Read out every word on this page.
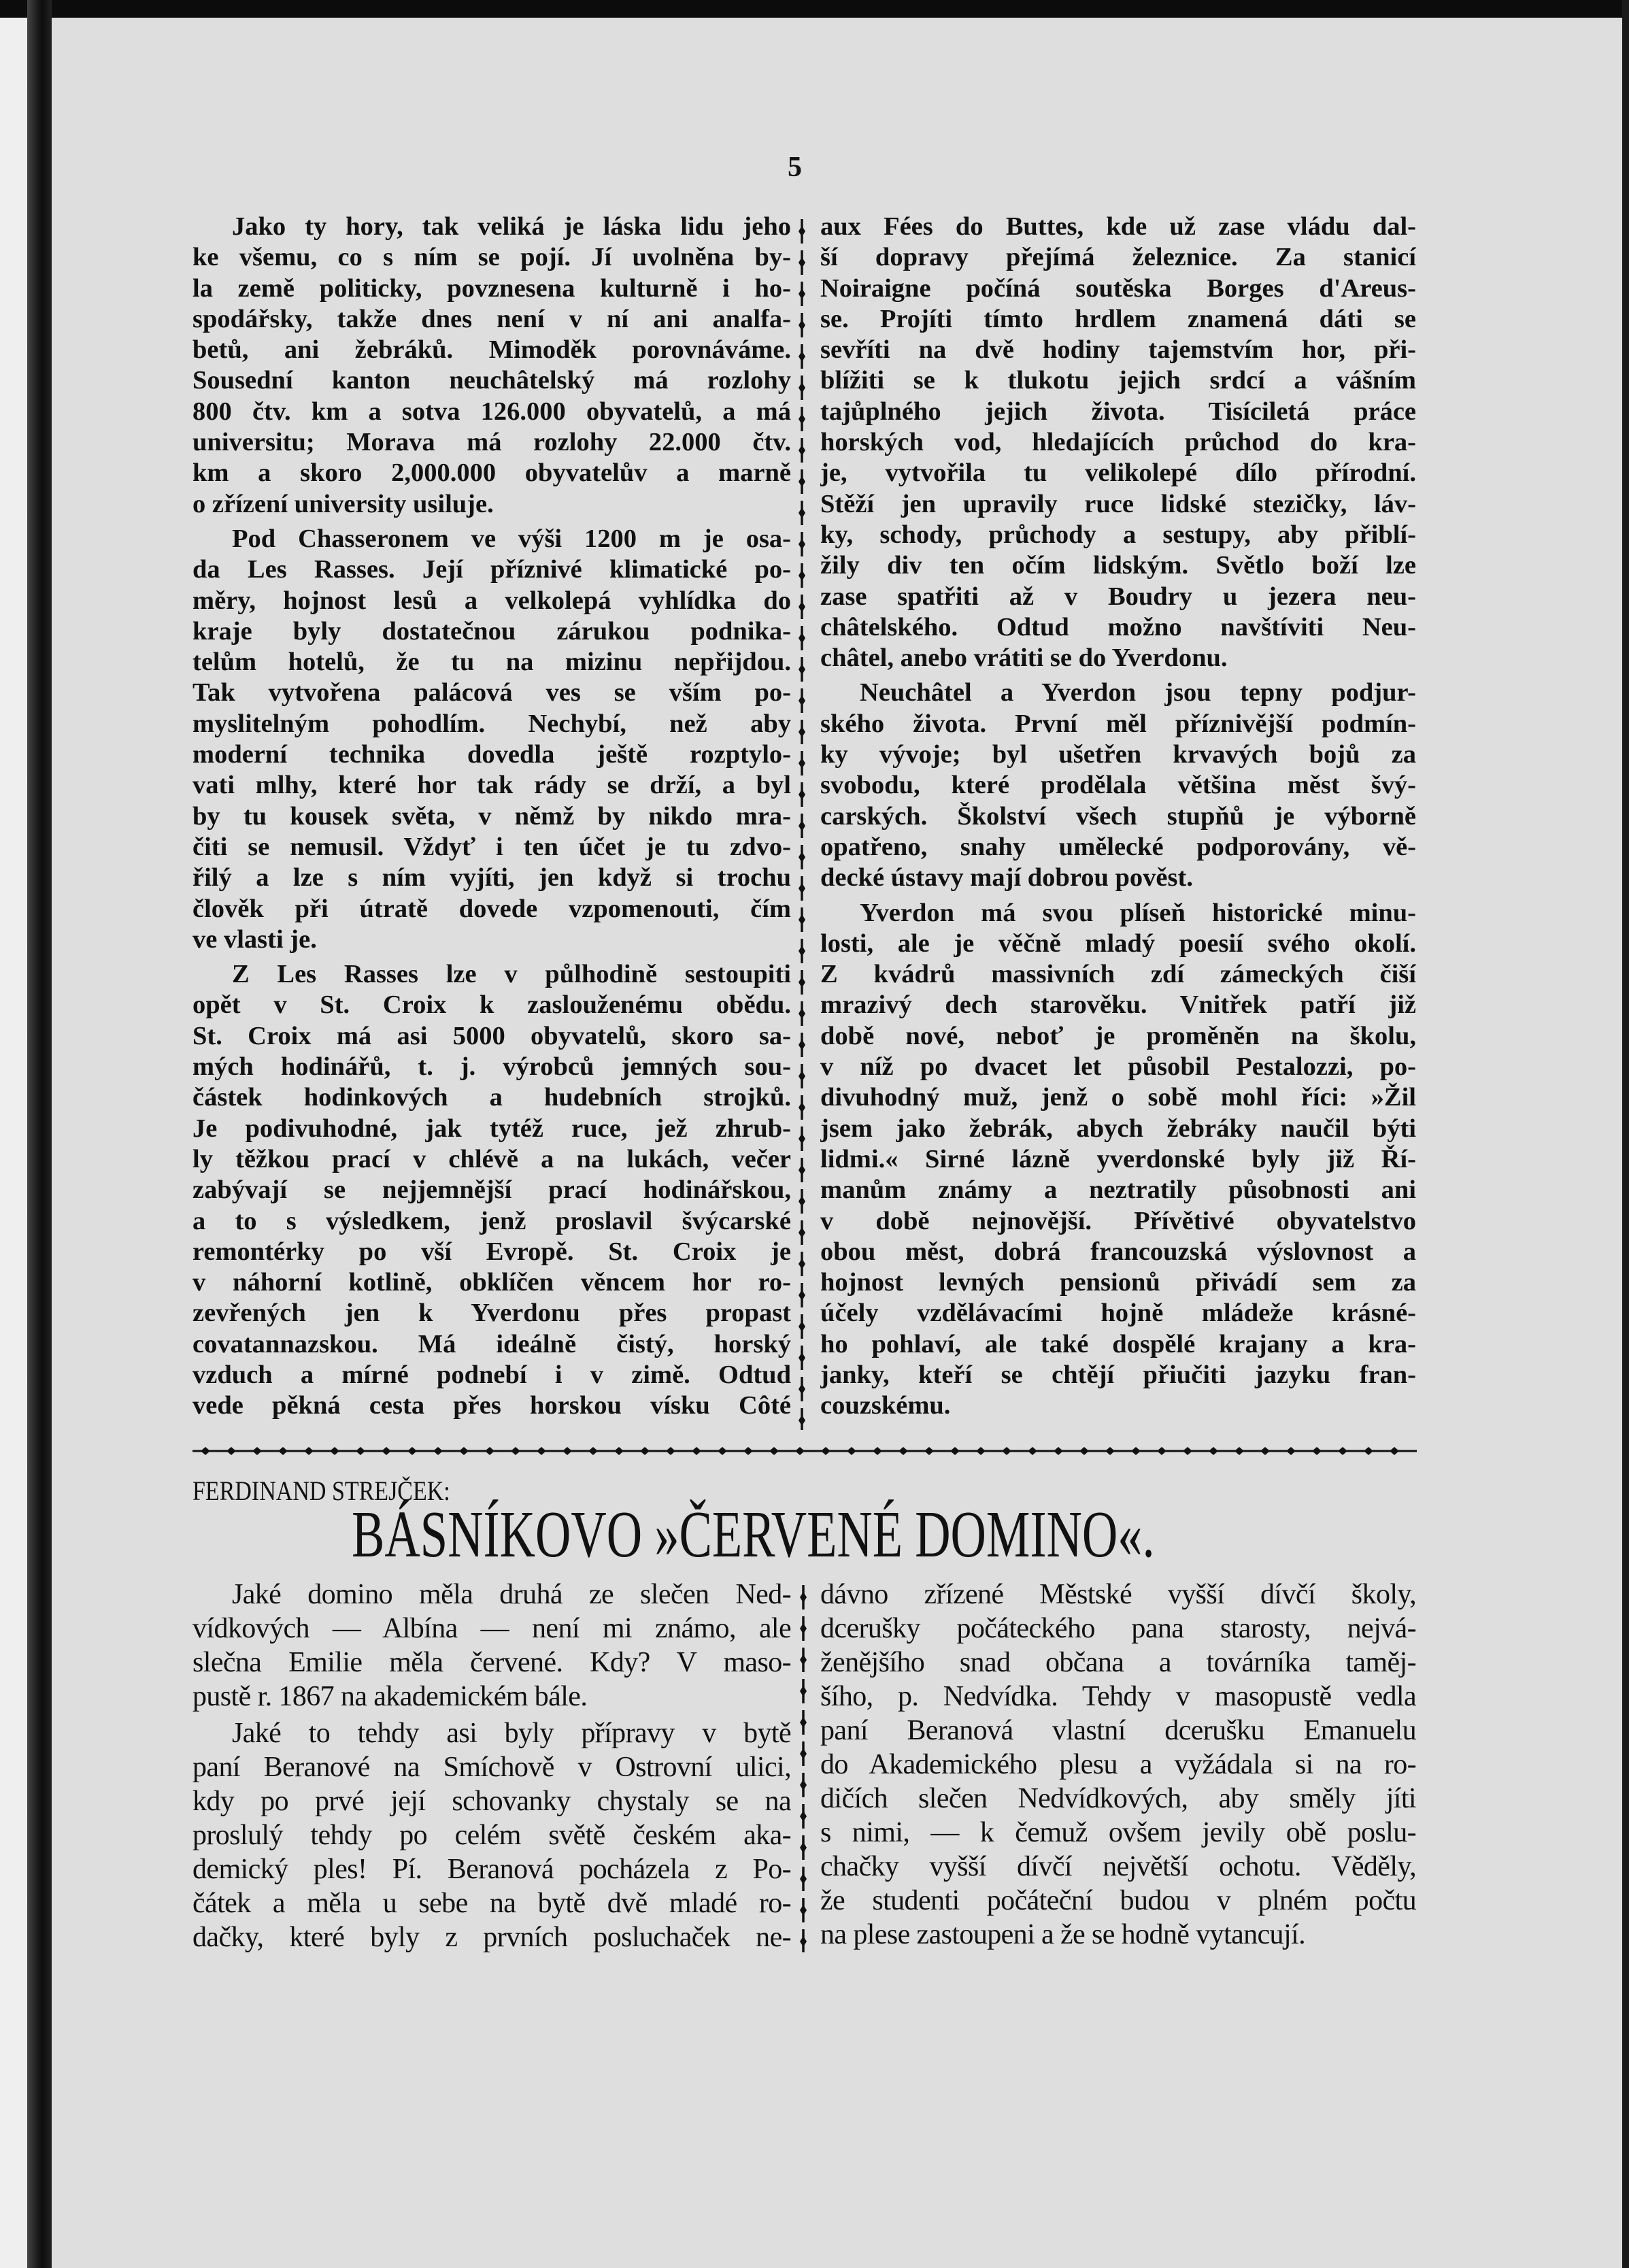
5
Jako ty hory, tak veliká je láska lidu jeho
ke všemu, co s ním se pojí. Jí uvolněna by-
la země politicky, povznesena kulturně i ho-
spodářsky, takže dnes není v ní ani analfa-
betů, ani žebráků. Mimoděk porovnáváme.
Sousední kanton neuchâtelský má rozlohy
800 čtv. km a sotva 126.000 obyvatelů, a má
universitu; Morava má rozlohy 22.000 čtv.
km a skoro 2,000.000 obyvatelův a marně
o zřízení university usiluje.
Pod Chasseronem ve výši 1200 m je osa-
da Les Rasses. Její příznivé klimatické po-
měry, hojnost lesů a velkolepá vyhlídka do
kraje byly dostatečnou zárukou podnika-
telům hotelů, že tu na mizinu nepřijdou.
Tak vytvořena palácová ves se vším po-
myslitelným pohodlím. Nechybí, než aby
moderní technika dovedla ještě rozptylo-
vati mlhy, které hor tak rády se drží, a byl
by tu kousek světa, v němž by nikdo mra-
čiti se nemusil. Vždyť i ten účet je tu zdvo-
řilý a lze s ním vyjíti, jen když si trochu
člověk při útratě dovede vzpomenouti, čím
ve vlasti je.
Z Les Rasses lze v půlhodině sestoupiti
opět v St. Croix k zaslouženému obědu.
St. Croix má asi 5000 obyvatelů, skoro sa-
mých hodinářů, t. j. výrobců jemných sou-
částek hodinkových a hudebních strojků.
Je podivuhodné, jak tytéž ruce, jež zhrub-
ly těžkou prací v chlévě a na lukách, večer
zabývají se nejjemnější prací hodinářskou,
a to s výsledkem, jenž proslavil švýcarské
remontérky po vší Evropě. St. Croix je
v náhorní kotlině, obklíčen věncem hor ro-
zevřených jen k Yverdonu přes propast
covatannazskou. Má ideálně čistý, horský
vzduch a mírné podnebí i v zimě. Odtud
vede pěkná cesta přes horskou vísku Côté
aux Fées do Buttes, kde už zase vládu dal-
ší dopravy přejímá železnice. Za stanicí
Noiraigne počíná soutěska Borges d'Areus-
se. Projíti tímto hrdlem znamená dáti se
sevříti na dvě hodiny tajemstvím hor, při-
blížiti se k tlukotu jejich srdcí a vášním
tajůplného jejich života. Tisíciletá práce
horských vod, hledajících průchod do kra-
je, vytvořila tu velikolepé dílo přírodní.
Stěží jen upravily ruce lidské stezičky, láv-
ky, schody, průchody a sestupy, aby přiblí-
žily div ten očím lidským. Světlo boží lze
zase spatřiti až v Boudry u jezera neu-
châtelského. Odtud možno navštíviti Neu-
châtel, anebo vrátiti se do Yverdonu.
Neuchâtel a Yverdon jsou tepny podjur-
ského života. První měl příznivější podmín-
ky vývoje; byl ušetřen krvavých bojů za
svobodu, které prodělala většina měst švý-
carských. Školství všech stupňů je výborně
opatřeno, snahy umělecké podporovány, vě-
decké ústavy mají dobrou pověst.
Yverdon má svou plíseň historické minu-
losti, ale je věčně mladý poesií svého okolí.
Z kvádrů massivních zdí zámeckých čiší
mrazivý dech starověku. Vnitřek patří již
době nové, neboť je proměněn na školu,
v níž po dvacet let působil Pestalozzi, po-
divuhodný muž, jenž o sobě mohl říci: »Žil
jsem jako žebrák, abych žebráky naučil býti
lidmi.« Sirné lázně yverdonské byly již Ří-
manům známy a neztratily působnosti ani
v době nejnovější. Přívětivé obyvatelstvo
obou měst, dobrá francouzská výslovnost a
hojnost levných pensionů přivádí sem za
účely vzdělávacími hojně mládeže krásné-
ho pohlaví, ale také dospělé krajany a kra-
janky, kteří se chtějí přiučiti jazyku fran-
couzskému.
FERDINAND STREJČEK:
BÁSNÍKOVO »ČERVENÉ DOMINO«.
Jaké domino měla druhá ze slečen Ned-
vídkových — Albína — není mi známo, ale
slečna Emilie měla červené. Kdy? V maso-
pustě r. 1867 na akademickém bále.
Jaké to tehdy asi byly přípravy v bytě
paní Beranové na Smíchově v Ostrovní ulici,
kdy po prvé její schovanky chystaly se na
proslulý tehdy po celém světě českém aka-
demický ples! Pí. Beranová pocházela z Po-
čátek a měla u sebe na bytě dvě mladé ro-
dačky, které byly z prvních posluchaček ne-
dávno zřízené Městské vyšší dívčí školy,
dcerušky počáteckého pana starosty, nejvá-
ženějšího snad občana a továrníka taměj-
šího, p. Nedvídka. Tehdy v masopustě vedla
paní Beranová vlastní dcerušku Emanuelu
do Akademického plesu a vyžádala si na ro-
dičích slečen Nedvídkových, aby směly jíti
s nimi, — k čemuž ovšem jevily obě poslu-
chačky vyšší dívčí největší ochotu. Věděly,
že studenti počáteční budou v plném počtu
na plese zastoupeni a že se hodně vytancují.
